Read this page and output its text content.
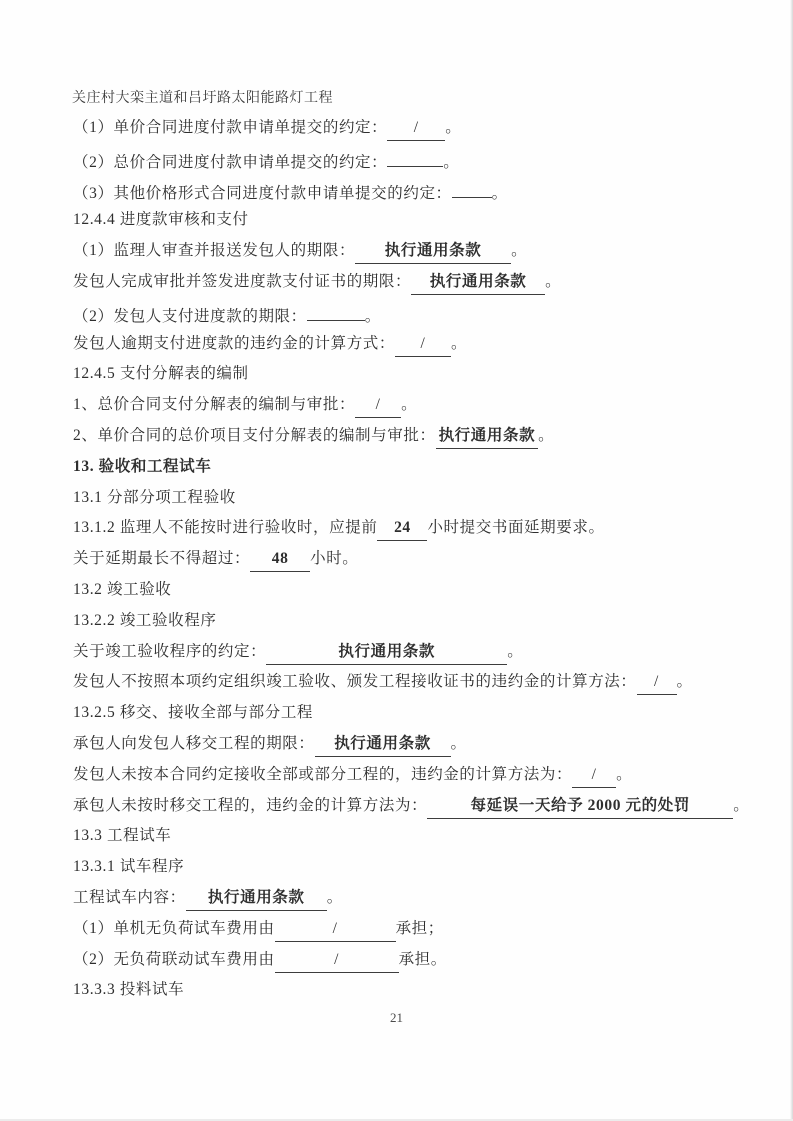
关庄村大栾主道和吕圩路太阳能路灯工程
（1）单价合同进度付款申请单提交的约定： / 。
（2）总价合同进度付款申请单提交的约定：	。
（3）其他价格形式合同进度付款申请单提交的约定：	。
12.4.4 进度款审核和支付
（1）监理人审查并报送发包人的期限： 执行通用条款 。
发包人完成审批并签发进度款支付证书的期限： 执行通用条款 。
（2）发包人支付进度款的期限：	。
发包人逾期支付进度款的违约金的计算方式： / 。
12.4.5 支付分解表的编制
1、总价合同支付分解表的编制与审批： / 。
2、单价合同的总价项目支付分解表的编制与审批： 执行通用条款 。
13. 验收和工程试车
13.1 分部分项工程验收
13.1.2 监理人不能按时进行验收时，应提前 24 小时提交书面延期要求。
关于延期最长不得超过： 48 小时。
13.2 竣工验收
13.2.2 竣工验收程序
关于竣工验收程序的约定：	执行通用条款	。
发包人不按照本项约定组织竣工验收、颁发工程接收证书的违约金的计算方法： / 。
13.2.5 移交、接收全部与部分工程
承包人向发包人移交工程的期限： 执行通用条款 。
发包人未按本合同约定接收全部或部分工程的，违约金的计算方法为： / 。
承包人未按时移交工程的，违约金的计算方法为：	每延误一天给予 2000 元的处罚	。
13.3 工程试车
13.3.1 试车程序
工程试车内容： 执行通用条款 。
（1）单机无负荷试车费用由	/	承担；
（2）无负荷联动试车费用由	/	承担。
13.3.3 投料试车
21
